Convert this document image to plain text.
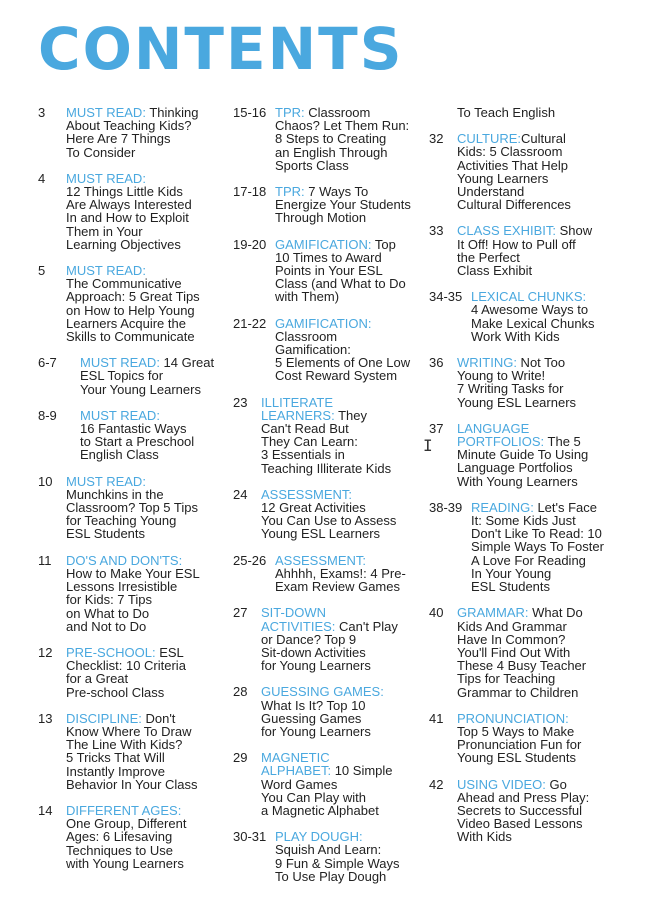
CONTENTS
3	MUST READ: Thinking
About Teaching Kids?
Here Are 7 Things
To Consider
4	MUST READ:
12 Things Little Kids
Are Always Interested
In and How to Exploit
Them in Your
Learning Objectives
5	MUST READ:
The Communicative
Approach: 5 Great Tips
on How to Help Young
Learners Acquire the
Skills to Communicate
6-7	MUST READ: 14 Great
ESL Topics for
Your Young Learners
8-9	MUST READ:
16 Fantastic Ways
to Start a Preschool
English Class
10	MUST READ:
Munchkins in the
Classroom? Top 5 Tips
for Teaching Young
ESL Students
11	DO'S AND DON'TS:
How to Make Your ESL
Lessons Irresistible
for Kids: 7 Tips
on What to Do
and Not to Do
12	PRE-SCHOOL: ESL
Checklist: 10 Criteria
for a Great
Pre-school Class
13	DISCIPLINE: Don't
Know Where To Draw
The Line With Kids?
5 Tricks That Will
Instantly Improve
Behavior In Your Class
14	DIFFERENT AGES:
One Group, Different
Ages: 6 Lifesaving
Techniques to Use
with Young Learners
15-16 TPR: Classroom
Chaos? Let Them Run:
8 Steps to Creating
an English Through
Sports Class
17-18 TPR: 7 Ways To
Energize Your Students
Through Motion
19-20 GAMIFICATION: Top
10 Times to Award
Points in Your ESL
Class (and What to Do
with Them)
21-22 GAMIFICATION:
Classroom
Gamification:
5 Elements of One Low
Cost Reward System
23	ILLITERATE
LEARNERS: They
Can't Read But
They Can Learn:
3 Essentials in
Teaching Illiterate Kids
24	ASSESSMENT:
12 Great Activities
You Can Use to Assess
Young ESL Learners
25-26 ASSESSMENT:
Ahhhh, Exams!: 4 Pre-
Exam Review Games
27	SIT-DOWN
ACTIVITIES: Can't Play
or Dance? Top 9
Sit-down Activities
for Young Learners
28	GUESSING GAMES:
What Is It? Top 10
Guessing Games
for Young Learners
29	MAGNETIC
ALPHABET: 10 Simple
Word Games
You Can Play with
a Magnetic Alphabet
30-31 PLAY DOUGH:
Squish And Learn:
9 Fun & Simple Ways
To Use Play Dough
To Teach English
32	CULTURE:Cultural
Kids: 5 Classroom
Activities That Help
Young Learners
Understand
Cultural Differences
33	CLASS EXHIBIT: Show
It Off! How to Pull off
the Perfect
Class Exhibit
34-35 LEXICAL CHUNKS:
4 Awesome Ways to
Make Lexical Chunks
Work With Kids
36	WRITING: Not Too
Young to Write!
7 Writing Tasks for
Young ESL Learners
37	LANGUAGE
PORTFOLIOS: The 5
Minute Guide To Using
Language Portfolios
With Young Learners
38-39 READING: Let's Face
It: Some Kids Just
Don't Like To Read: 10
Simple Ways To Foster
A Love For Reading
In Your Young
ESL Students
40	GRAMMAR: What Do
Kids And Grammar
Have In Common?
You'll Find Out With
These 4 Busy Teacher
Tips for Teaching
Grammar to Children
41	PRONUNCIATION:
Top 5 Ways to Make
Pronunciation Fun for
Young ESL Students
42	USING VIDEO: Go
Ahead and Press Play:
Secrets to Successful
Video Based Lessons
With Kids
I
